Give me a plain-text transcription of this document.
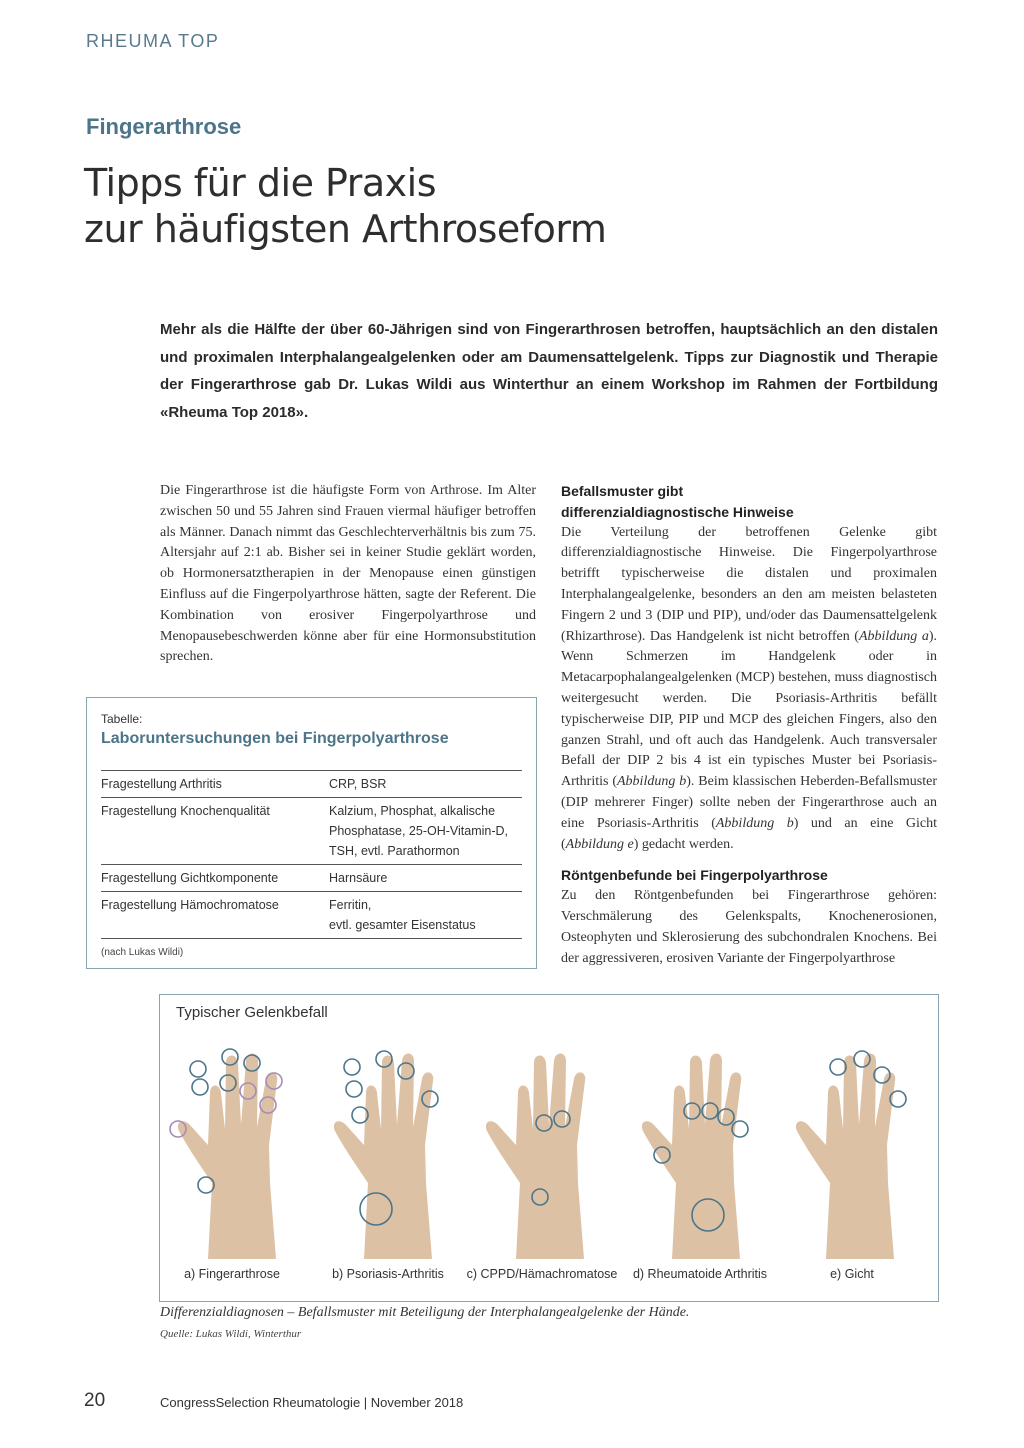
RHEUMA TOP
Fingerarthrose
Tipps für die Praxis
zur häufigsten Arthroseform

Mehr als die Hälfte der über 60-Jährigen sind von Fingerarthrosen betroffen, hauptsächlich an den distalen und proximalen Interphalangealgelenken oder am Daumensattelgelenk. Tipps zur Diagnostik und Therapie der Fingerarthrose gab Dr. Lukas Wildi aus Winterthur an einem Workshop im Rahmen der Fortbildung «Rheuma Top 2018».

Die Fingerarthrose ist die häufigste Form von Arthrose. Im Alter zwischen 50 und 55 Jahren sind Frauen viermal häufiger betroffen als Männer. Danach nimmt das Geschlechterverhältnis bis zum 75. Altersjahr auf 2:1 ab. Bisher sei in keiner Studie geklärt worden, ob Hormonersatztherapien in der Menopause einen günstigen Einfluss auf die Fingerpolyarthrose hätten, sagte der Referent. Die Kombination von erosiver Fingerpolyarthrose und Menopausebeschwerden könne aber für eine Hormonsubstitution sprechen.

Befallsmuster gibt
differenzialdiagnostische Hinweise

Die Verteilung der betroffenen Gelenke gibt differenzialdiagnostische Hinweise. Die Fingerpolyarthrose betrifft typischerweise die distalen und proximalen Interphalangealgelenke, besonders an den am meisten belasteten Fingern 2 und 3 (DIP und PIP), und/oder das Daumensattelgelenk (Rhizarthrose). Das Handgelenk ist nicht betroffen (Abbildung a). Wenn Schmerzen im Handgelenk oder in Metacarpophalangealgelenken (MCP) bestehen, muss diagnostisch weitergesucht werden. Die Psoriasis-Arthritis befällt typischerweise DIP, PIP und MCP des gleichen Fingers, also den ganzen Strahl, und oft auch das Handgelenk. Auch transversaler Befall der DIP 2 bis 4 ist ein typisches Muster bei Psoriasis-Arthritis (Abbildung b). Beim klassischen Heberden-Befallsmuster (DIP mehrerer Finger) sollte neben der Fingerarthrose auch an eine Psoriasis-Arthritis (Abbildung b) und an eine Gicht (Abbildung e) gedacht werden.

Röntgenbefunde bei Fingerpolyarthrose

Zu den Röntgenbefunden bei Fingerarthrose gehören: Verschmälerung des Gelenkspalts, Knochenerosionen, Osteophyten und Sklerosierung des subchondralen Knochens. Bei der aggressiveren, erosiven Variante der Fingerpolyarthrose

Tabelle:
Laboruntersuchungen bei Fingerpolyarthrose
Fragestellung Arthritis	CRP, BSR
Fragestellung Knochenqualität	Kalzium, Phosphat, alkalische
Phosphatase, 25-OH-Vitamin-D,
TSH, evtl. Parathormon
Fragestellung Gichtkomponente	Harnsäure
Fragestellung Hämochromatose	Ferritin,
evtl. gesamter Eisenstatus
(nach Lukas Wildi)
Typischer Gelenkbefall
a) Fingerarthrose	b) Psoriasis-Arthritis	c) CPPD/Hämachromatose	d) Rheumatoide Arthritis	e) Gicht
Differenzialdiagnosen – Befallsmuster mit Beteiligung der Interphalangealgelenke der Hände.
Quelle: Lukas Wildi, Winterthur
20	CongressSelection Rheumatologie | November 2018
